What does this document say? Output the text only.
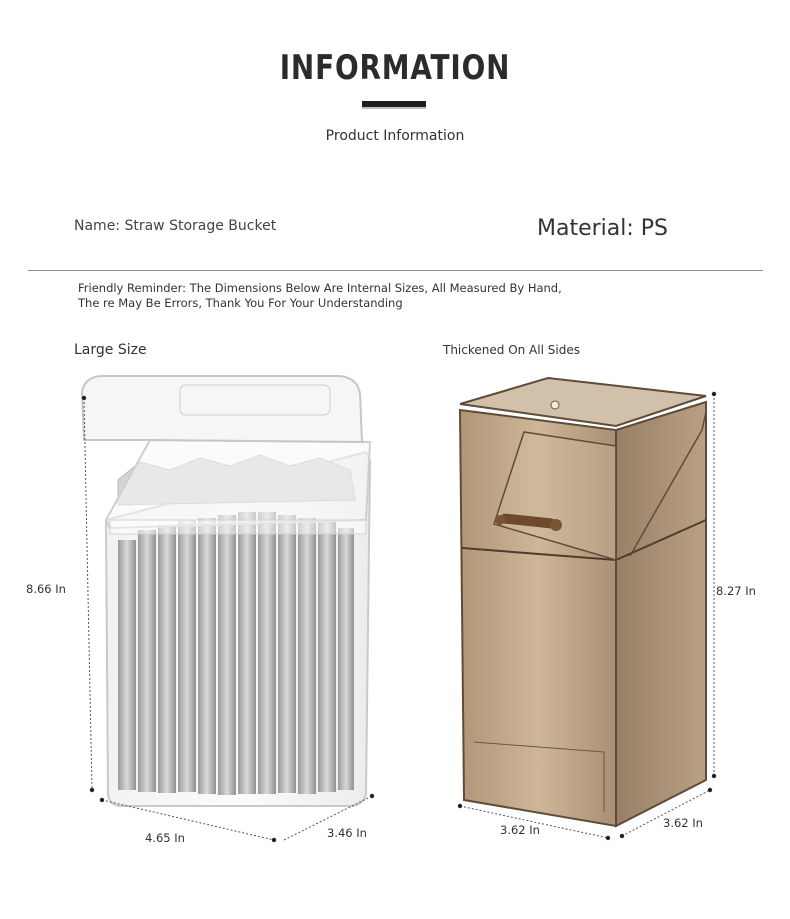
INFORMATION
Product Information
Name: Straw Storage Bucket	Material: PS
Friendly Reminder: The Dimensions Below Are Internal Sizes, All Measured By Hand, The re May Be Errors, Thank You For Your Understanding
Large Size	Thickened On All Sides
8.66 In
4.65 In	3.46 In
8.27 In
3.62 In	3.62 In
